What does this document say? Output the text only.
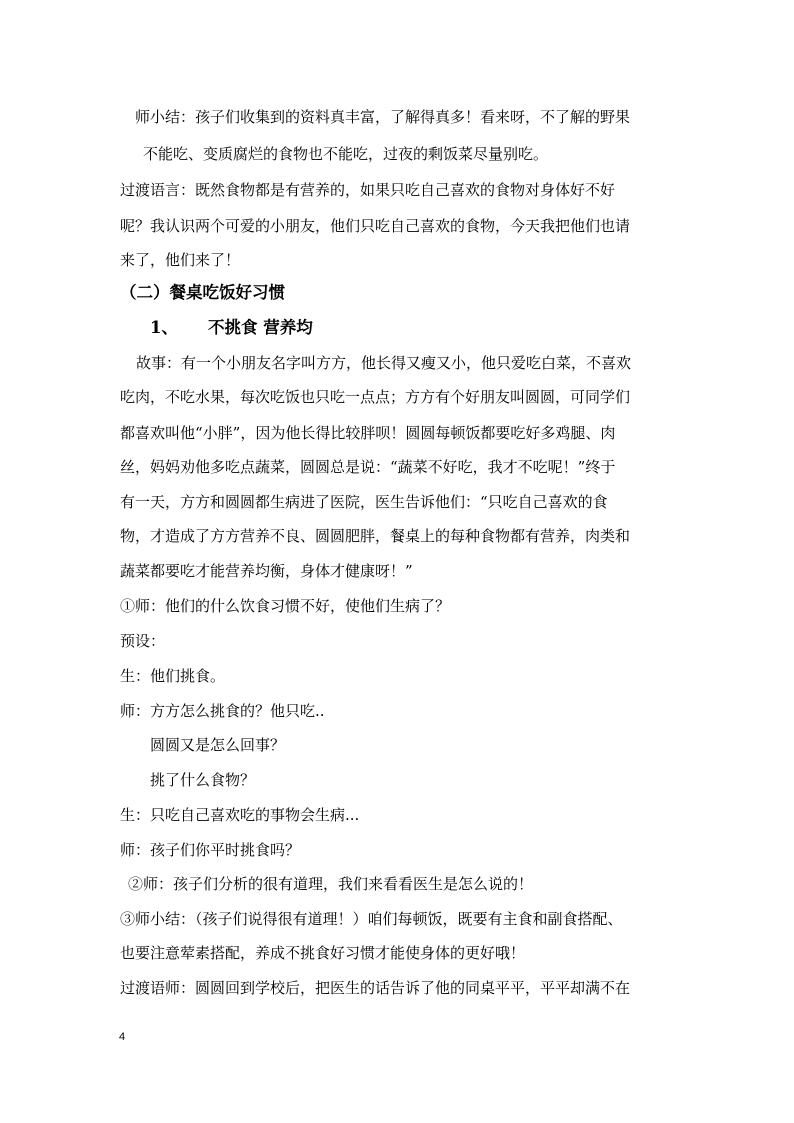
师小结：孩子们收集到的资料真丰富，了解得真多！看来呀，不了解的野果
不能吃、变质腐烂的食物也不能吃，过夜的剩饭菜尽量别吃。
过渡语言：既然食物都是有营养的，如果只吃自己喜欢的食物对身体好不好
呢？我认识两个可爱的小朋友，他们只吃自己喜欢的食物，今天我把他们也请
来了，他们来了！
（二）餐桌吃饭好习惯
1、 不挑食 营养均
故事：有一个小朋友名字叫方方，他长得又瘦又小，他只爱吃白菜，不喜欢
吃肉，不吃水果，每次吃饭也只吃一点点；方方有个好朋友叫圆圆，可同学们
都喜欢叫他“小胖”，因为他长得比较胖呗！圆圆每顿饭都要吃好多鸡腿、肉
丝，妈妈劝他多吃点蔬菜，圆圆总是说：“蔬菜不好吃，我才不吃呢！”终于
有一天，方方和圆圆都生病进了医院，医生告诉他们：“只吃自己喜欢的食
物，才造成了方方营养不良、圆圆肥胖，餐桌上的每种食物都有营养，肉类和
蔬菜都要吃才能营养均衡，身体才健康呀！”
①师：他们的什么饮食习惯不好，使他们生病了？
预设：
生：他们挑食。
师：方方怎么挑食的？他只吃..
圆圆又是怎么回事？
挑了什么食物？
生：只吃自己喜欢吃的事物会生病...
师：孩子们你平时挑食吗？
②师：孩子们分析的很有道理，我们来看看医生是怎么说的！
③师小结：（孩子们说得很有道理！）咱们每顿饭，既要有主食和副食搭配、
也要注意荤素搭配，养成不挑食好习惯才能使身体的更好哦！
过渡语师：圆圆回到学校后，把医生的话告诉了他的同桌平平，平平却满不在
4
